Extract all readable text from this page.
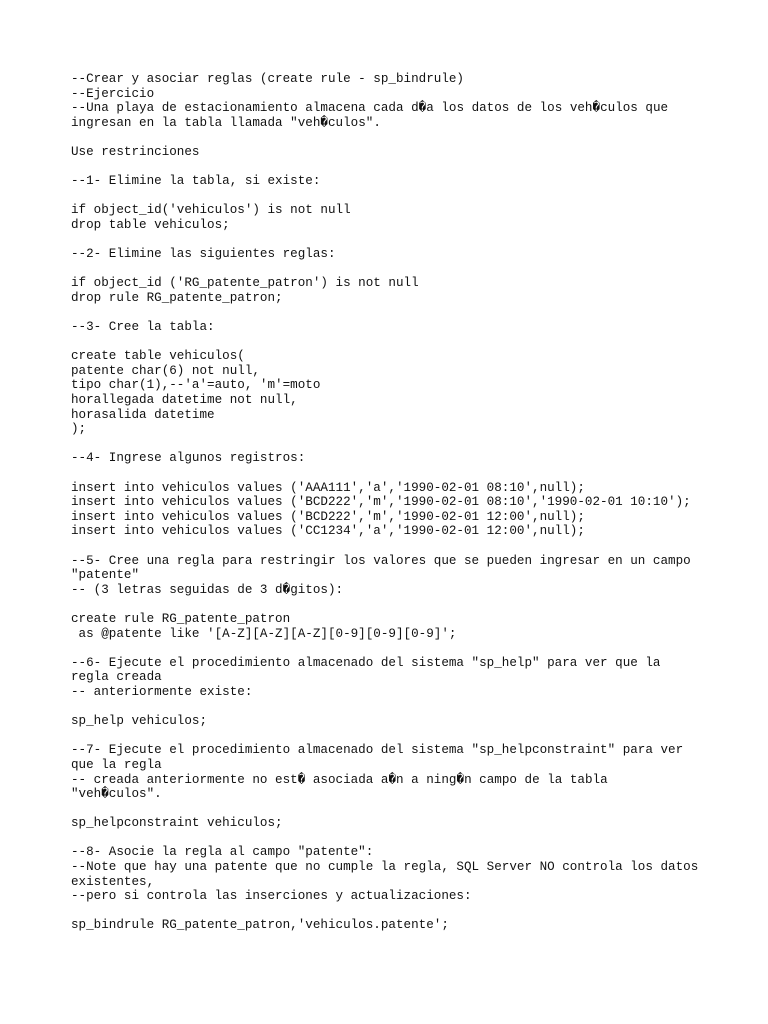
--Crear y asociar reglas (create rule - sp_bindrule)
--Ejercicio
--Una playa de estacionamiento almacena cada d�a los datos de los veh�culos que
ingresan en la tabla llamada "veh�culos".
Use restrinciones
--1- Elimine la tabla, si existe:
if object_id('vehiculos') is not null
drop table vehiculos;
--2- Elimine las siguientes reglas:
if object_id ('RG_patente_patron') is not null
drop rule RG_patente_patron;
--3- Cree la tabla:
create table vehiculos(
patente char(6) not null,
tipo char(1),--'a'=auto, 'm'=moto
horallegada datetime not null,
horasalida datetime
);
--4- Ingrese algunos registros:
insert into vehiculos values ('AAA111','a','1990-02-01 08:10',null);
insert into vehiculos values ('BCD222','m','1990-02-01 08:10','1990-02-01 10:10');
insert into vehiculos values ('BCD222','m','1990-02-01 12:00',null);
insert into vehiculos values ('CC1234','a','1990-02-01 12:00',null);
--5- Cree una regla para restringir los valores que se pueden ingresar en un campo
"patente"
-- (3 letras seguidas de 3 d�gitos):
create rule RG_patente_patron
as @patente like '[A-Z][A-Z][A-Z][0-9][0-9][0-9]';
--6- Ejecute el procedimiento almacenado del sistema "sp_help" para ver que la
regla creada
-- anteriormente existe:
sp_help vehiculos;
--7- Ejecute el procedimiento almacenado del sistema "sp_helpconstraint" para ver
que la regla
-- creada anteriormente no est� asociada a�n a ning�n campo de la tabla
"veh�culos".
sp_helpconstraint vehiculos;
--8- Asocie la regla al campo "patente":
--Note que hay una patente que no cumple la regla, SQL Server NO controla los datos
existentes,
--pero si controla las inserciones y actualizaciones:
sp_bindrule RG_patente_patron,'vehiculos.patente';
